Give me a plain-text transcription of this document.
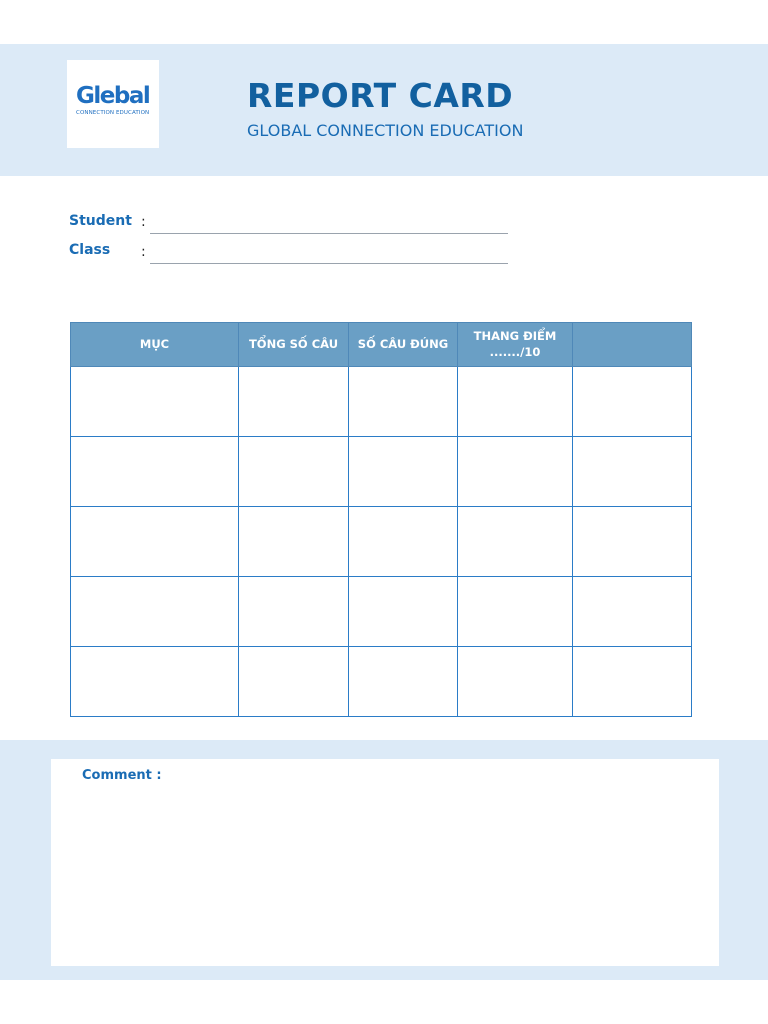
Glebal
CONNECTION EDUCATION	REPORT CARD
GLOBAL CONNECTION EDUCATION
Student :
Class :
MỤC	TỔNG SỐ CÂU	SỐ CÂU ĐÚNG	THANG ĐIỂM
......./10	

Comment :
